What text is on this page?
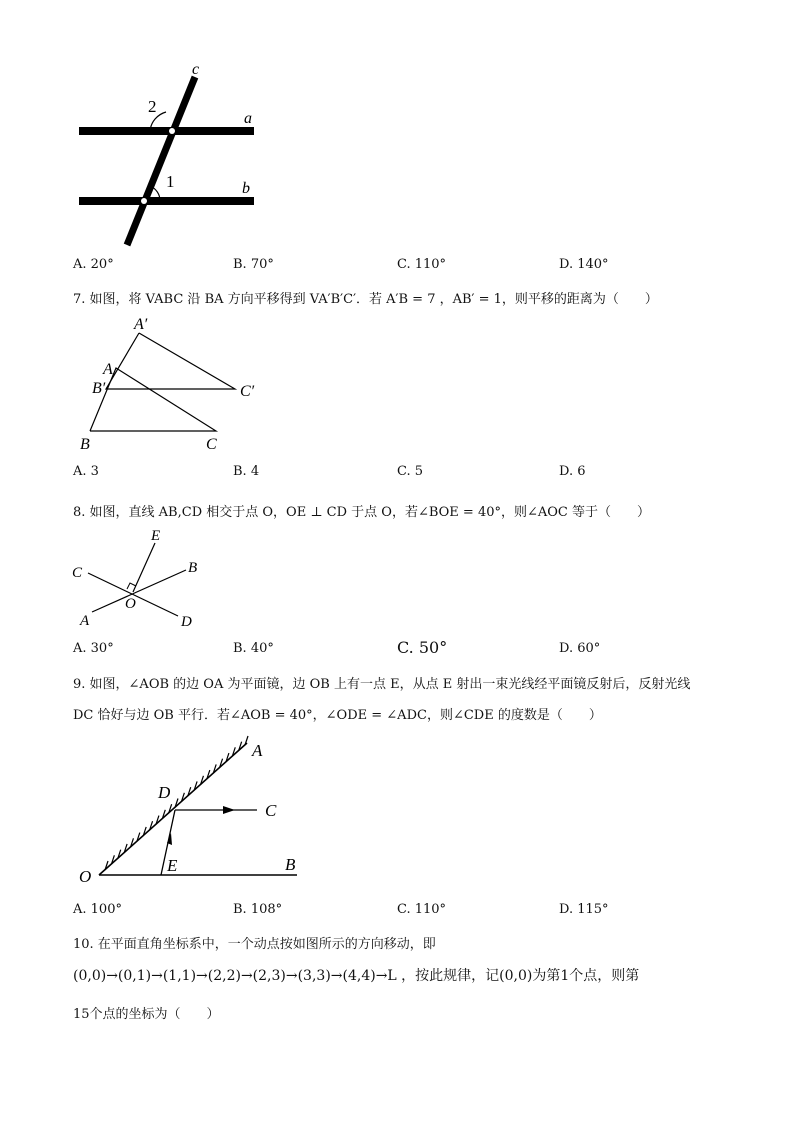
c
a
b
2
1
A. 20°	B. 70°	C. 110°	D. 140°
7. 如图，将 VABC 沿 BA 方向平移得到 VA′B′C′．若 A′B = 7 ，AB′ = 1，则平移的距离为（　　）
A′
A
B′	C′
B	C
A. 3	B. 4	C. 5	D. 6
8. 如图，直线 AB,CD 相交于点 O，OE ⊥ CD 于点 O，若∠BOE = 40°，则∠AOC 等于（　　）
E
C	B
O
A	D
A. 30°	B. 40°	C. 50°	D. 60°
9. 如图，∠AOB 的边 OA 为平面镜，边 OB 上有一点 E，从点 E 射出一束光线经平面镜反射后，反射光线
DC 恰好与边 OB 平行．若∠AOB = 40°，∠ODE = ∠ADC，则∠CDE 的度数是（　　）
A
D
C
O
E	B
A. 100°	B. 108°	C. 110°	D. 115°
10. 在平面直角坐标系中，一个动点按如图所示的方向移动，即
(0,0)→(0,1)→(1,1)→(2,2)→(2,3)→(3,3)→(4,4)→L ，按此规律，记(0,0)为第1个点，则第
15个点的坐标为（　　）
